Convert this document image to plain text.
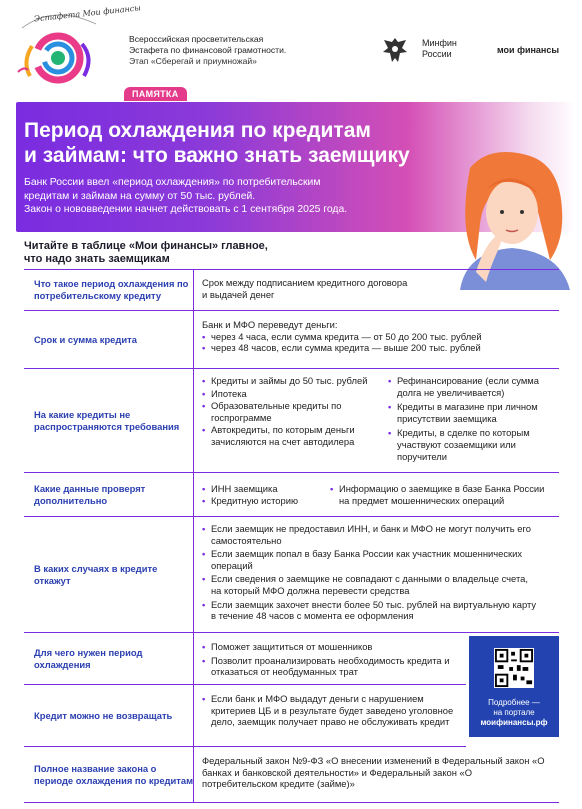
Эстафета Мои финансы
Всероссийская просветительская
Эстафета по финансовой грамотности.
Этап «Сберегай и приумножай»
Минфин
России	мои финансы
ПАМЯТКА
Период охлаждения по кредитам
и займам: что важно знать заемщику
Банк России ввел «период охлаждения» по потребительским
кредитам и займам на сумму от 50 тыс. рублей.
Закон о нововведении начнет действовать с 1 сентября 2025 года.
Читайте в таблице «Мои финансы» главное,
что надо знать заемщикам
Что такое период охлаждения по потребительскому кредиту
Срок между подписанием кредитного договора и выдачей денег
Срок и сумма кредита
Банк и МФО переведут деньги:
• через 4 часа, если сумма кредита — от 50 до 200 тыс. рублей
• через 48 часов, если сумма кредита — выше 200 тыс. рублей
На какие кредиты не распространяются требования
• Кредиты и займы до 50 тыс. рублей
• Ипотека
• Образовательные кредиты по госпрограмме
• Автокредиты, по которым деньги зачисляются на счет автодилера
• Рефинансирование (если сумма долга не увеличивается)
• Кредиты в магазине при личном присутствии заемщика
• Кредиты, в сделке по которым участвуют созаемщики или поручители
Какие данные проверят дополнительно
• ИНН заемщика
• Кредитную историю
• Информацию о заемщике в базе Банка России на предмет мошеннических операций
В каких случаях в кредите откажут
• Если заемщик не предоставил ИНН, и банк и МФО не могут получить его самостоятельно
• Если заемщик попал в базу Банка России как участник мошеннических операций
• Если сведения о заемщике не совпадают с данными о владельце счета, на который МФО должна перевести средства
• Если заемщик захочет внести более 50 тыс. рублей на виртуальную карту в течение 48 часов с момента ее оформления
Для чего нужен период охлаждения
• Поможет защититься от мошенников
• Позволит проанализировать необходимость кредита и отказаться от необдуманных трат
Кредит можно не возвращать
• Если банк и МФО выдадут деньги с нарушением критериев ЦБ и в результате будет заведено уголовное дело, заемщик получает право не обслуживать кредит
Полное название закона о периоде охлаждения по кредитам
Федеральный закон №9-ФЗ «О внесении изменений в Федеральный закон «О банках и банковской деятельности» и Федеральный закон «О потребительском кредите (займе)»
Подробнее —
на портале
моифинансы.рф
